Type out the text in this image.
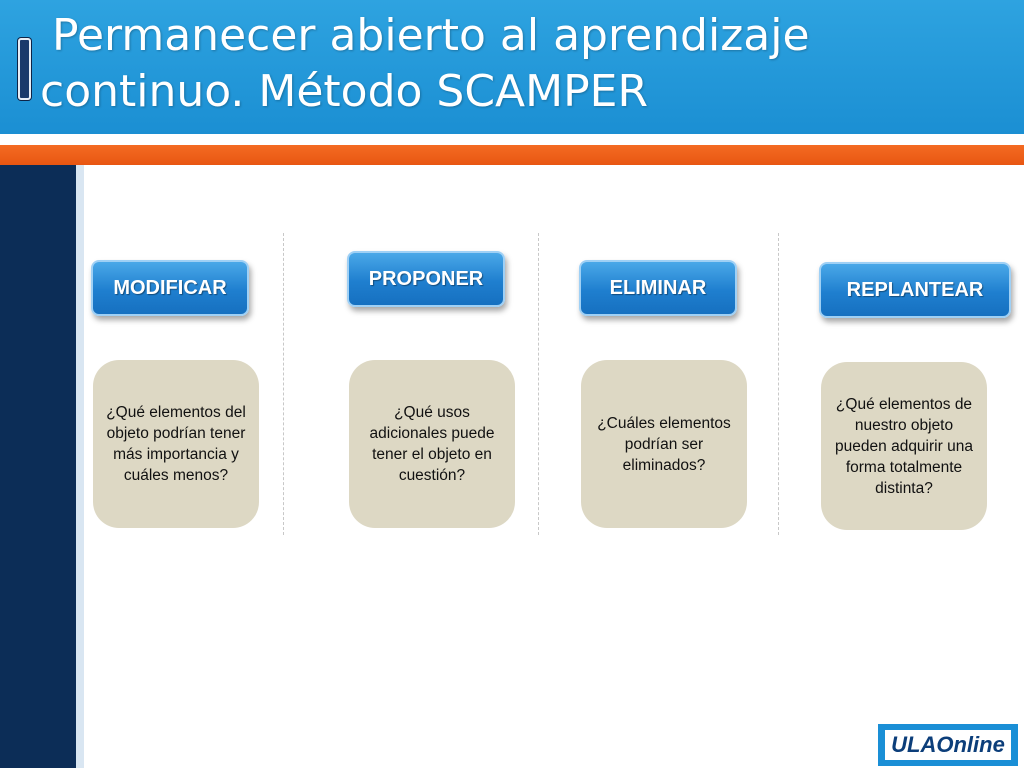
Permanecer abierto al aprendizaje
continuo. Método SCAMPER
MODIFICAR	PROPONER	ELIMINAR	REPLANTEAR
¿Qué elementos del objeto podrían tener más importancia y cuáles menos?
¿Qué usos adicionales puede tener el objeto en cuestión?
¿Cuáles elementos podrían ser eliminados?
¿Qué elementos de nuestro objeto pueden adquirir una forma totalmente distinta?
ULAOnline
